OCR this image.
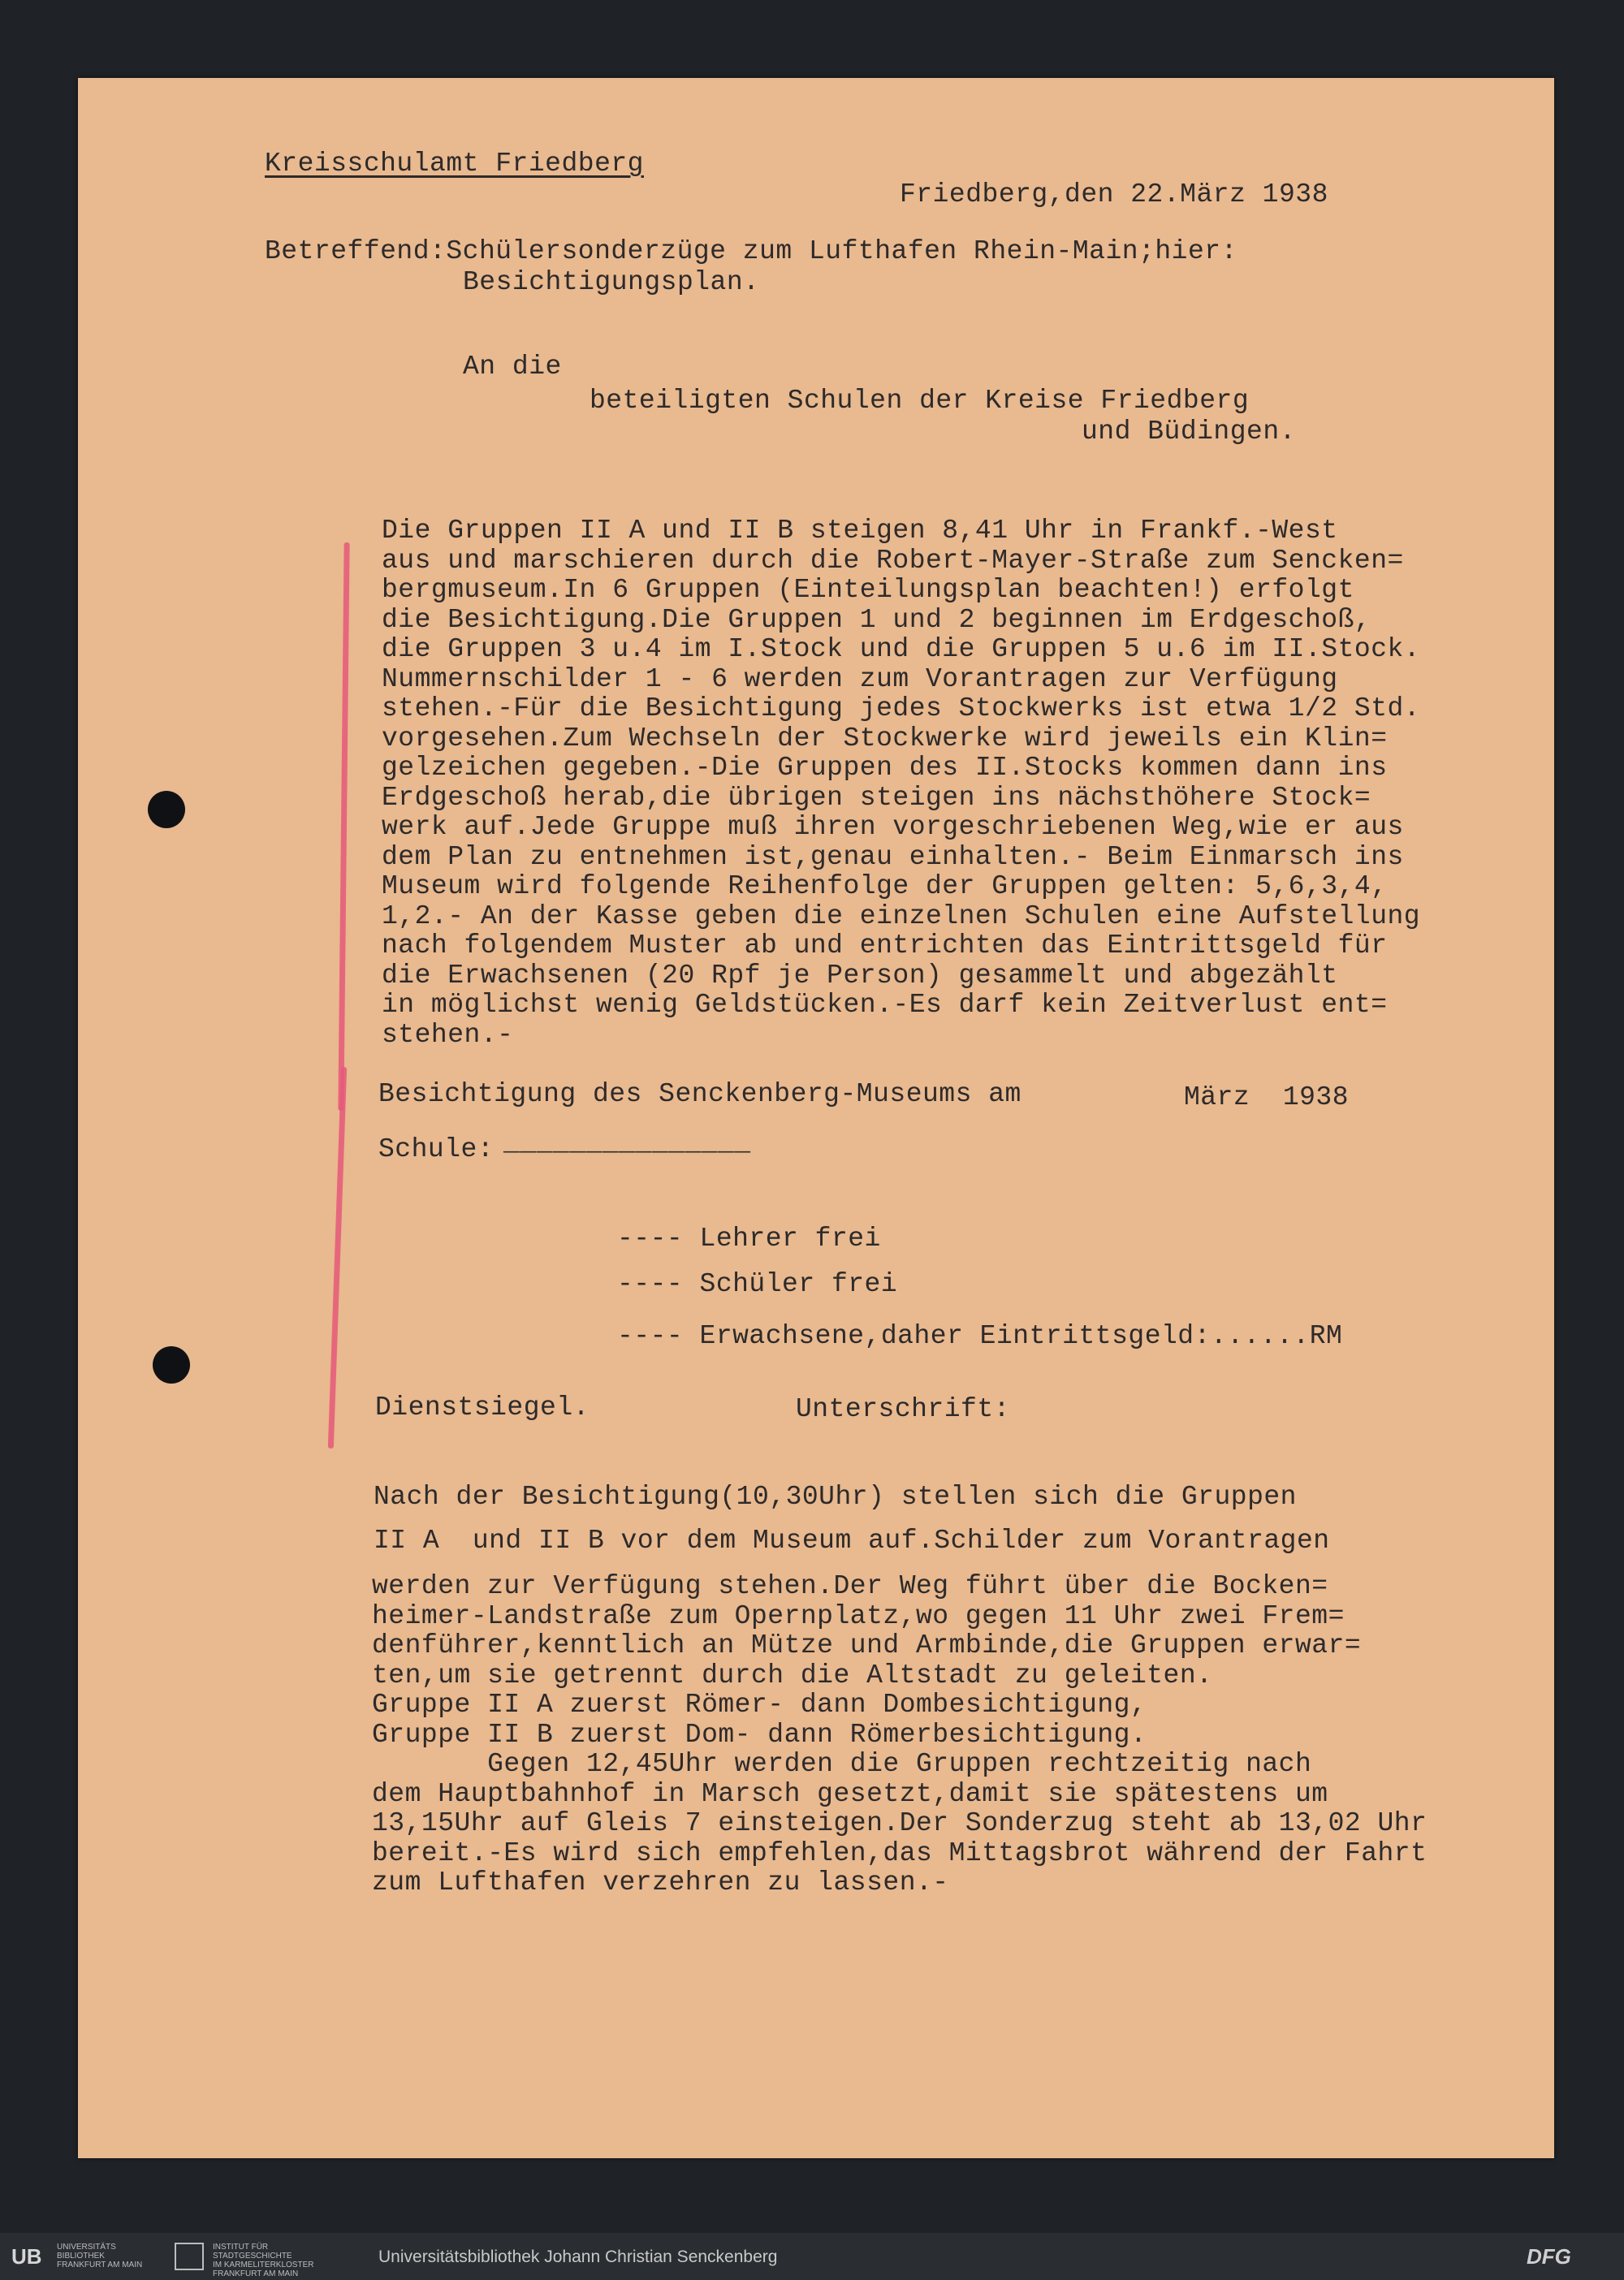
Kreisschulamt Friedberg
Friedberg,den 22.März 1938
Betreffend:Schülersonderzüge zum Lufthafen Rhein-Main;hier:
Besichtigungsplan.
An die
beteiligten Schulen der Kreise Friedberg
und Büdingen.
Die Gruppen II A und II B steigen 8,41 Uhr in Frankf.-West
aus und marschieren durch die Robert-Mayer-Straße zum Sencken=
bergmuseum.In 6 Gruppen (Einteilungsplan beachten!) erfolgt
die Besichtigung.Die Gruppen 1 und 2 beginnen im Erdgeschoß,
die Gruppen 3 u.4 im I.Stock und die Gruppen 5 u.6 im II.Stock.
Nummernschilder 1 - 6 werden zum Vorantragen zur Verfügung
stehen.-Für die Besichtigung jedes Stockwerks ist etwa 1/2 Std.
vorgesehen.Zum Wechseln der Stockwerke wird jeweils ein Klin=
gelzeichen gegeben.-Die Gruppen des II.Stocks kommen dann ins
Erdgeschoß herab,die übrigen steigen ins nächsthöhere Stock=
werk auf.Jede Gruppe muß ihren vorgeschriebenen Weg,wie er aus
dem Plan zu entnehmen ist,genau einhalten.- Beim Einmarsch ins
Museum wird folgende Reihenfolge der Gruppen gelten: 5,6,3,4,
1,2.- An der Kasse geben die einzelnen Schulen eine Aufstellung
nach folgendem Muster ab und entrichten das Eintrittsgeld für
die Erwachsenen (20 Rpf je Person) gesammelt und abgezählt
in möglichst wenig Geldstücken.-Es darf kein Zeitverlust ent=
stehen.-
Besichtigung des Senckenberg-Museums am	März  1938
Schule: _______________
---- Lehrer frei
---- Schüler frei
---- Erwachsene,daher Eintrittsgeld:......RM
Dienstsiegel.	Unterschrift:
Nach der Besichtigung(10,30Uhr) stellen sich die Gruppen
II A  und II B vor dem Museum auf.Schilder zum Vorantragen
werden zur Verfügung stehen.Der Weg führt über die Bocken=
heimer-Landstraße zum Opernplatz,wo gegen 11 Uhr zwei Frem=
denführer,kenntlich an Mütze und Armbinde,die Gruppen erwar=
ten,um sie getrennt durch die Altstadt zu geleiten.
Gruppe II A zuerst Römer- dann Dombesichtigung,
Gruppe II B zuerst Dom- dann Römerbesichtigung.
Gegen 12,45Uhr werden die Gruppen rechtzeitig nach
dem Hauptbahnhof in Marsch gesetzt,damit sie spätestens um
13,15Uhr auf Gleis 7 einsteigen.Der Sonderzug steht ab 13,02 Uhr
bereit.-Es wird sich empfehlen,das Mittagsbrot während der Fahrt
zum Lufthafen verzehren zu lassen.-
UB UNIVERSITÄTS
BIBLIOTHEK
FRANKFURT AM MAIN
INSTITUT FÜR
STADTGESCHICHTE
IM KARMELITERKLOSTER
FRANKFURT AM MAIN
Universitätsbibliothek Johann Christian Senckenberg	DFG
